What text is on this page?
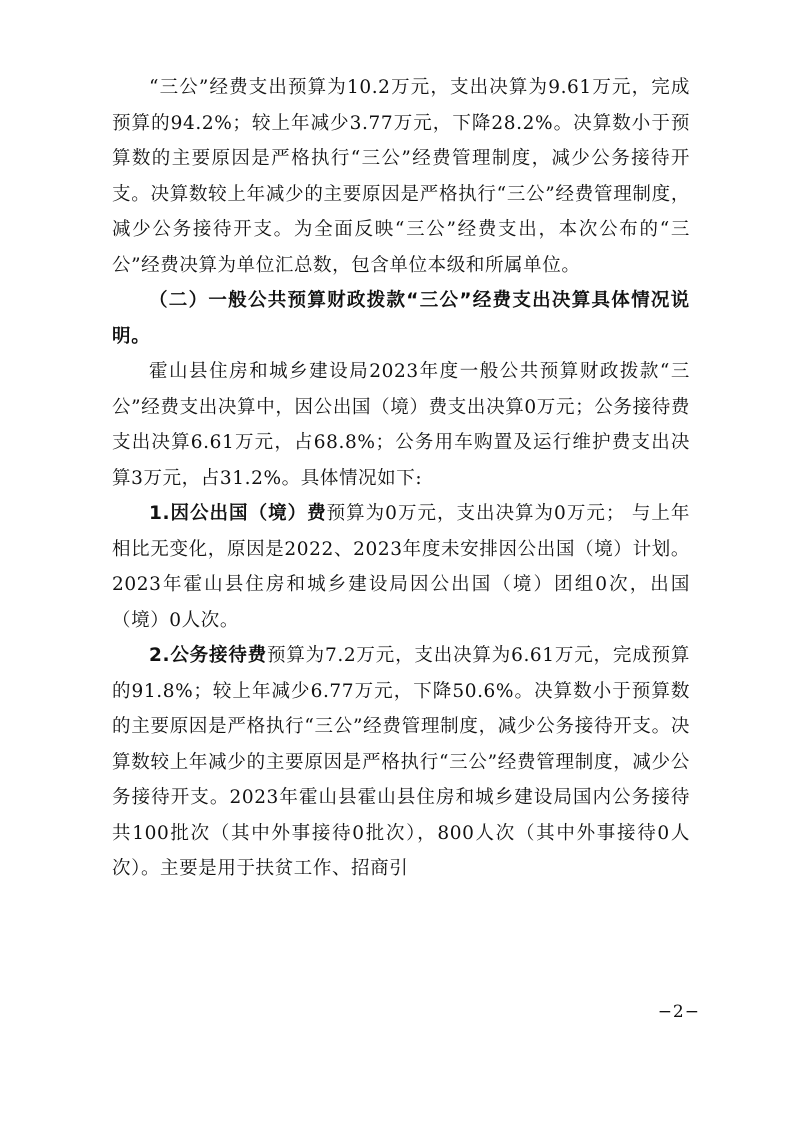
“三公”经费支出预算为10.2万元，支出决算为9.61万元，完成预算的94.2%；较上年减少3.77万元，下降28.2%。决算数小于预算数的主要原因是严格执行“三公”经费管理制度，减少公务接待开支。决算数较上年减少的主要原因是严格执行“三公”经费管理制度，减少公务接待开支。为全面反映“三公”经费支出，本次公布的“三公”经费决算为单位汇总数，包含单位本级和所属单位。

（二）一般公共预算财政拨款“三公”经费支出决算具体情况说明。

霍山县住房和城乡建设局2023年度一般公共预算财政拨款“三公”经费支出决算中，因公出国（境）费支出决算0万元；公务接待费支出决算6.61万元，占68.8%；公务用车购置及运行维护费支出决算3万元，占31.2%。具体情况如下:

1.因公出国（境）费预算为0万元，支出决算为0万元； 与上年相比无变化，原因是2022、2023年度未安排因公出国（境）计划。2023年霍山县住房和城乡建设局因公出国（境）团组0次，出国（境）0人次。

2.公务接待费预算为7.2万元，支出决算为6.61万元，完成预算的91.8%；较上年减少6.77万元，下降50.6%。决算数小于预算数的主要原因是严格执行“三公”经费管理制度，减少公务接待开支。决算数较上年减少的主要原因是严格执行“三公”经费管理制度，减少公务接待开支。2023年霍山县霍山县住房和城乡建设局国内公务接待共100批次（其中外事接待0批次），800人次（其中外事接待0人次）。主要是用于扶贫工作、招商引

−2−
